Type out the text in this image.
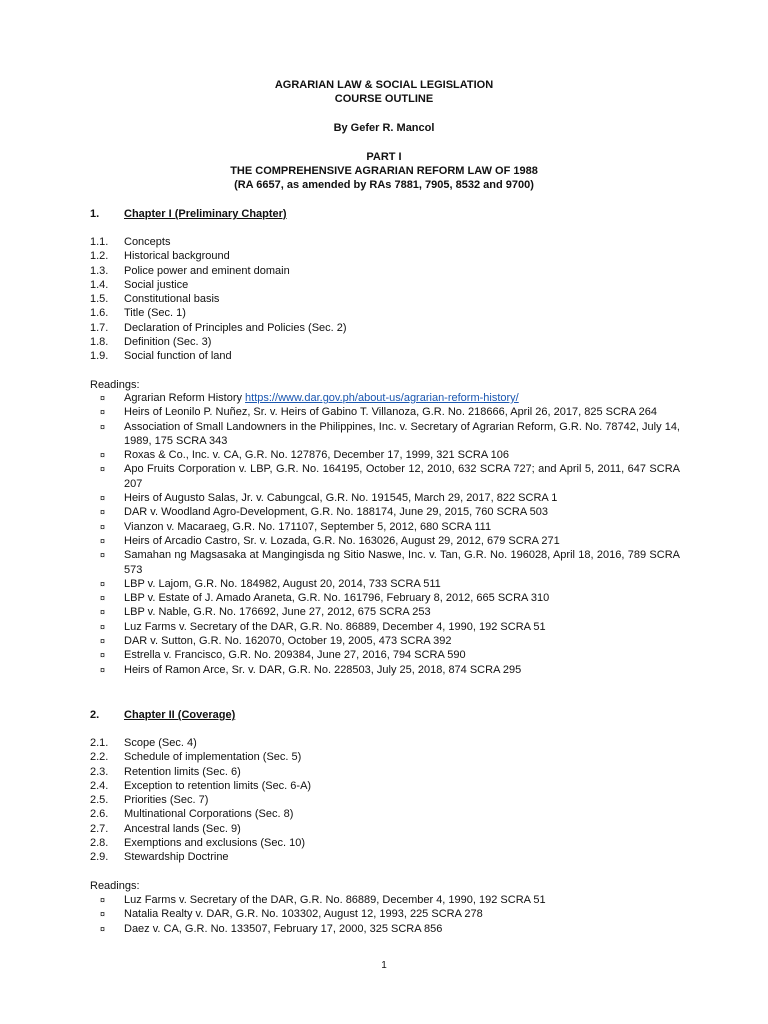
AGRARIAN LAW & SOCIAL LEGISLATION
COURSE OUTLINE
By Gefer R. Mancol
PART I
THE COMPREHENSIVE AGRARIAN REFORM LAW OF 1988
(RA 6657, as amended by RAs 7881, 7905, 8532 and 9700)
1. Chapter I (Preliminary Chapter)
1.1. Concepts
1.2. Historical background
1.3. Police power and eminent domain
1.4. Social justice
1.5. Constitutional basis
1.6. Title (Sec. 1)
1.7. Declaration of Principles and Policies (Sec. 2)
1.8. Definition (Sec. 3)
1.9. Social function of land
Readings:
¤	Agrarian Reform History https://www.dar.gov.ph/about-us/agrarian-reform-history/
¤	Heirs of Leonilo P. Nuñez, Sr. v. Heirs of Gabino T. Villanoza, G.R. No. 218666, April 26, 2017, 825 SCRA 264
¤	Association of Small Landowners in the Philippines, Inc. v. Secretary of Agrarian Reform, G.R. No. 78742, July 14, 1989, 175 SCRA 343
¤	Roxas & Co., Inc. v. CA, G.R. No. 127876, December 17, 1999, 321 SCRA 106
¤	Apo Fruits Corporation v. LBP, G.R. No. 164195, October 12, 2010, 632 SCRA 727; and April 5, 2011, 647 SCRA 207
¤	Heirs of Augusto Salas, Jr. v. Cabungcal, G.R. No. 191545, March 29, 2017, 822 SCRA 1
¤	DAR v. Woodland Agro-Development, G.R. No. 188174, June 29, 2015, 760 SCRA 503
¤	Vianzon v. Macaraeg, G.R. No. 171107, September 5, 2012, 680 SCRA 111
¤	Heirs of Arcadio Castro, Sr. v. Lozada, G.R. No. 163026, August 29, 2012, 679 SCRA 271
¤	Samahan ng Magsasaka at Mangingisda ng Sitio Naswe, Inc. v. Tan, G.R. No. 196028, April 18, 2016, 789 SCRA 573
¤	LBP v. Lajom, G.R. No. 184982, August 20, 2014, 733 SCRA 511
¤	LBP v. Estate of J. Amado Araneta, G.R. No. 161796, February 8, 2012, 665 SCRA 310
¤	LBP v. Nable, G.R. No. 176692, June 27, 2012, 675 SCRA 253
¤	Luz Farms v. Secretary of the DAR, G.R. No. 86889, December 4, 1990, 192 SCRA 51
¤	DAR v. Sutton, G.R. No. 162070, October 19, 2005, 473 SCRA 392
¤	Estrella v. Francisco, G.R. No. 209384, June 27, 2016, 794 SCRA 590
¤	Heirs of Ramon Arce, Sr. v. DAR, G.R. No. 228503, July 25, 2018, 874 SCRA 295
2. Chapter II (Coverage)
2.1. Scope (Sec. 4)
2.2. Schedule of implementation (Sec. 5)
2.3. Retention limits (Sec. 6)
2.4. Exception to retention limits (Sec. 6-A)
2.5. Priorities (Sec. 7)
2.6. Multinational Corporations (Sec. 8)
2.7. Ancestral lands (Sec. 9)
2.8. Exemptions and exclusions (Sec. 10)
2.9. Stewardship Doctrine
Readings:
¤	Luz Farms v. Secretary of the DAR, G.R. No. 86889, December 4, 1990, 192 SCRA 51
¤	Natalia Realty v. DAR, G.R. No. 103302, August 12, 1993, 225 SCRA 278
¤	Daez v. CA, G.R. No. 133507, February 17, 2000, 325 SCRA 856
1
